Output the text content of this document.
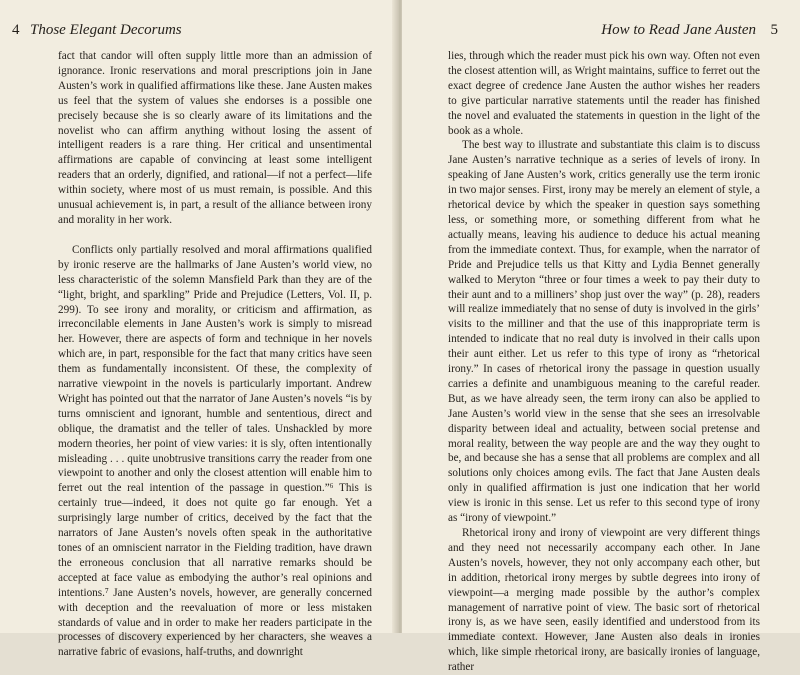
4 Those Elegant Decorums

fact that candor will often supply little more than an admission of ignorance. Ironic reservations and moral prescriptions join in Jane Austen’s work in qualified affirmations like these. Jane Austen makes us feel that the system of values she endorses is a possible one precisely because she is so clearly aware of its limitations and the novelist who can affirm anything without losing the assent of intelligent readers is a rare thing. Her critical and unsentimental affirmations are capable of convincing at least some intelligent readers that an orderly, dignified, and rational—if not a perfect—life within society, where most of us must remain, is possible. And this unusual achievement is, in part, a result of the alliance between irony and morality in her work.

Conflicts only partially resolved and moral affirmations qualified by ironic reserve are the hallmarks of Jane Austen’s world view, no less characteristic of the solemn Mansfield Park than they are of the “light, bright, and sparkling” Pride and Prejudice (Letters, Vol. II, p. 299). To see irony and morality, or criticism and affirmation, as irreconcilable elements in Jane Austen’s work is simply to misread her. However, there are aspects of form and technique in her novels which are, in part, responsible for the fact that many critics have seen them as fundamentally inconsistent. Of these, the complexity of narrative viewpoint in the novels is particularly important. Andrew Wright has pointed out that the narrator of Jane Austen’s novels “is by turns omniscient and ignorant, humble and sententious, direct and oblique, the dramatist and the teller of tales. Unshackled by more modern theories, her point of view varies: it is sly, often intentionally misleading . . . quite unobtrusive transitions carry the reader from one viewpoint to another and only the closest attention will enable him to ferret out the real intention of the passage in question.”⁶ This is certainly true—indeed, it does not quite go far enough. Yet a surprisingly large number of critics, deceived by the fact that the narrators of Jane Austen’s novels often speak in the authoritative tones of an omniscient narrator in the Fielding tradition, have drawn the erroneous conclusion that all narrative remarks should be accepted at face value as embodying the author’s real opinions and intentions.⁷ Jane Austen’s novels, however, are generally concerned with deception and the reevaluation of more or less mistaken standards of value and in order to make her readers participate in the processes of discovery experienced by her characters, she weaves a narrative fabric of evasions, half-truths, and downright

How to Read Jane Austen 5

lies, through which the reader must pick his own way. Often not even the closest attention will, as Wright maintains, suffice to ferret out the exact degree of credence Jane Austen the author wishes her readers to give particular narrative statements until the reader has finished the novel and evaluated the statements in question in the light of the book as a whole.

The best way to illustrate and substantiate this claim is to discuss Jane Austen’s narrative technique as a series of levels of irony. In speaking of Jane Austen’s work, critics generally use the term ironic in two major senses. First, irony may be merely an element of style, a rhetorical device by which the speaker in question says something less, or something more, or something different from what he actually means, leaving his audience to deduce his actual meaning from the immediate context. Thus, for example, when the narrator of Pride and Prejudice tells us that Kitty and Lydia Bennet generally walked to Meryton “three or four times a week to pay their duty to their aunt and to a milliners’ shop just over the way” (p. 28), readers will realize immediately that no sense of duty is involved in the girls’ visits to the milliner and that the use of this inappropriate term is intended to indicate that no real duty is involved in their calls upon their aunt either. Let us refer to this type of irony as “rhetorical irony.” In cases of rhetorical irony the passage in question usually carries a definite and unambiguous meaning to the careful reader. But, as we have already seen, the term irony can also be applied to Jane Austen’s world view in the sense that she sees an irresolvable disparity between ideal and actuality, between social pretense and moral reality, between the way people are and the way they ought to be, and because she has a sense that all problems are complex and all solutions only choices among evils. The fact that Jane Austen deals only in qualified affirmation is just one indication that her world view is ironic in this sense. Let us refer to this second type of irony as “irony of viewpoint.”

Rhetorical irony and irony of viewpoint are very different things and they need not necessarily accompany each other. In Jane Austen’s novels, however, they not only accompany each other, but in addition, rhetorical irony merges by subtle degrees into irony of viewpoint—a merging made possible by the author’s complex management of narrative point of view. The basic sort of rhetorical irony is, as we have seen, easily identified and understood from its immediate context. However, Jane Austen also deals in ironies which, like simple rhetorical irony, are basically ironies of language, rather
